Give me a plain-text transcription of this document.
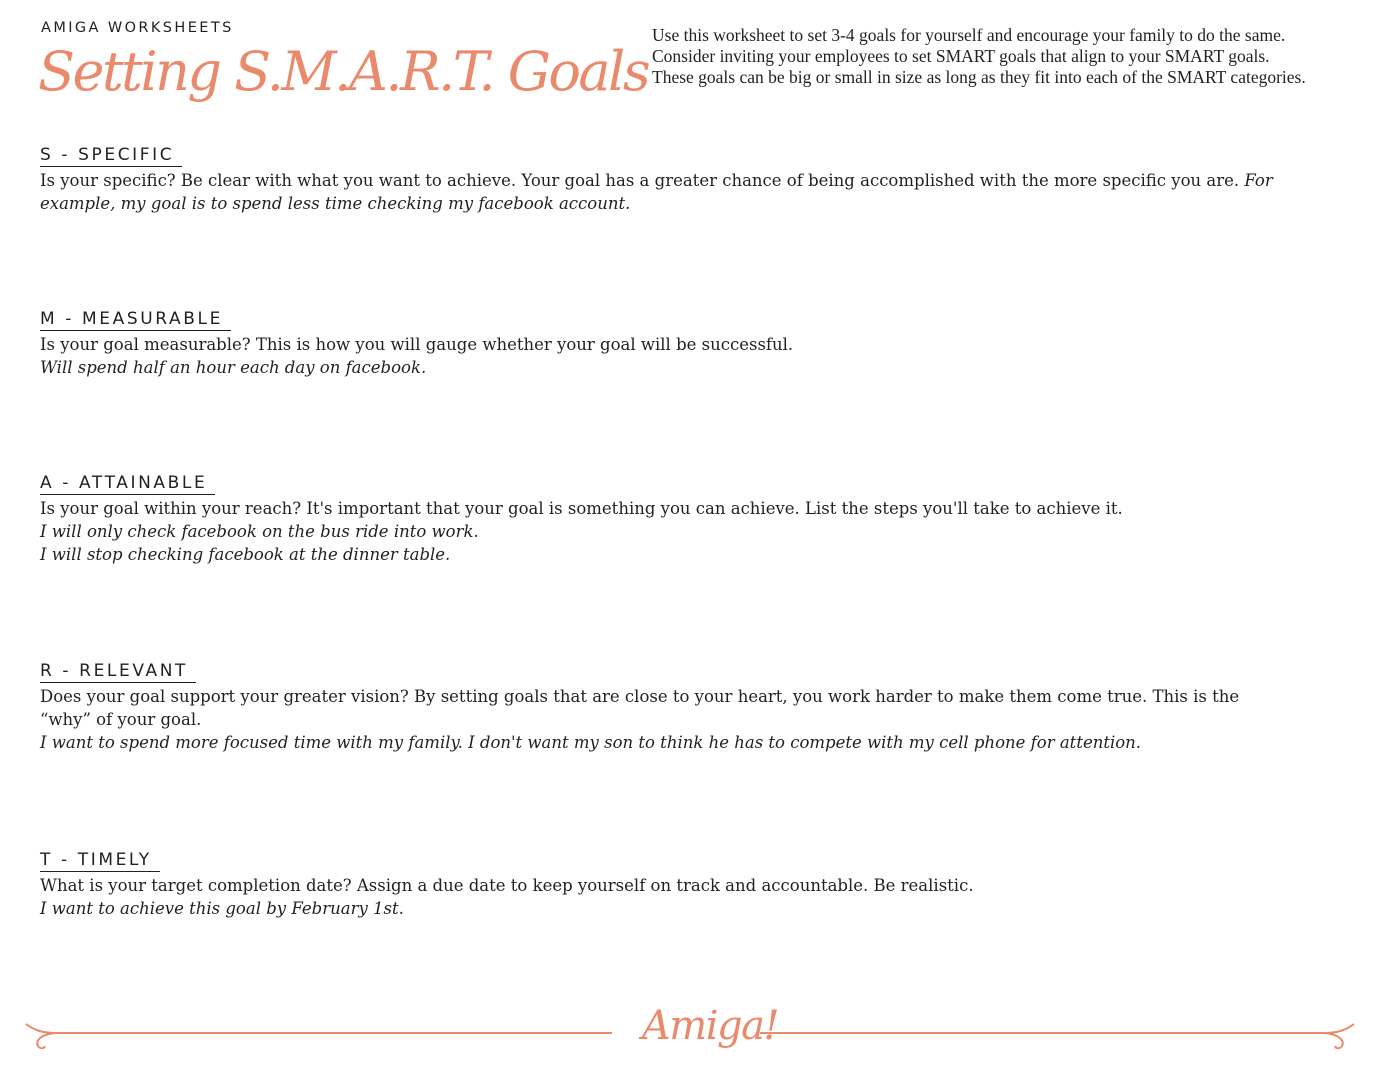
AMIGA WORKSHEETS
Setting S.M.A.R.T. Goals
Use this worksheet to set 3-4 goals for yourself and encourage your family to do the same. Consider inviting your employees to set SMART goals that align to your SMART goals. These goals can be big or small in size as long as they fit into each of the SMART categories.
S - SPECIFIC
Is your specific? Be clear with what you want to achieve. Your goal has a greater chance of being accomplished with the more specific you are. For example, my goal is to spend less time checking my facebook account.
M - MEASURABLE
Is your goal measurable? This is how you will gauge whether your goal will be successful.
Will spend half an hour each day on facebook.
A - ATTAINABLE
Is your goal within your reach? It's important that your goal is something you can achieve. List the steps you'll take to achieve it.
I will only check facebook on the bus ride into work.
I will stop checking facebook at the dinner table.
R - RELEVANT
Does your goal support your greater vision? By setting goals that are close to your heart, you work harder to make them come true. This is the “why” of your goal.
I want to spend more focused time with my family. I don't want my son to think he has to compete with my cell phone for attention.
T - TIMELY
What is your target completion date? Assign a due date to keep yourself on track and accountable. Be realistic.
I want to achieve this goal by February 1st.
Amiga!
